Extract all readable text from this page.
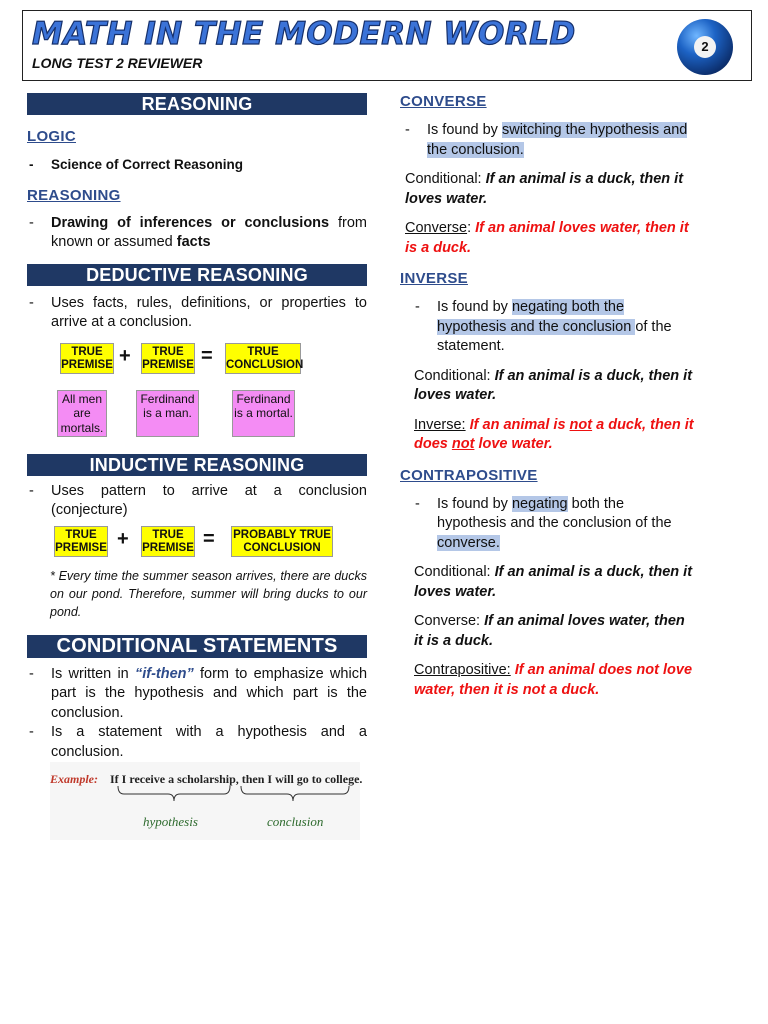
MATH IN THE MODERN WORLD
LONG TEST 2 REVIEWER
2
REASONING
LOGIC
- Science of Correct Reasoning
REASONING
- Drawing of inferences or conclusions from known or assumed facts
DEDUCTIVE REASONING
- Uses facts, rules, definitions, or properties to arrive at a conclusion.
TRUE PREMISE +	TRUE PREMISE =	TRUE CONCLUSION
All men are mortals.
Ferdinand is a man.
Ferdinand is a mortal.
INDUCTIVE REASONING
- Uses pattern to arrive at a conclusion (conjecture)
TRUE PREMISE +	TRUE PREMISE = PROBABLY TRUE CONCLUSION
* Every time the summer season arrives, there are ducks on our pond. Therefore, summer will bring ducks to our pond.
CONDITIONAL STATEMENTS
- Is written in “if-then” form to emphasize which part is the hypothesis and which part is the conclusion.
- Is a statement with a hypothesis and a conclusion.
Example: If I receive a scholarship, then I will go to college.
hypothesis	conclusion
CONVERSE
- Is found by switching the hypothesis and the conclusion.
Conditional: If an animal is a duck, then it loves water.
Converse: If an animal loves water, then it is a duck.
INVERSE
- Is found by negating both the hypothesis and the conclusion of the statement.
Conditional: If an animal is a duck, then it loves water.
Inverse: If an animal is not a duck, then it does not love water.
CONTRAPOSITIVE
- Is found by negating both the hypothesis and the conclusion of the converse.
Conditional: If an animal is a duck, then it loves water.
Converse: If an animal loves water, then it is a duck.
Contrapositive: If an animal does not love water, then it is not a duck.
